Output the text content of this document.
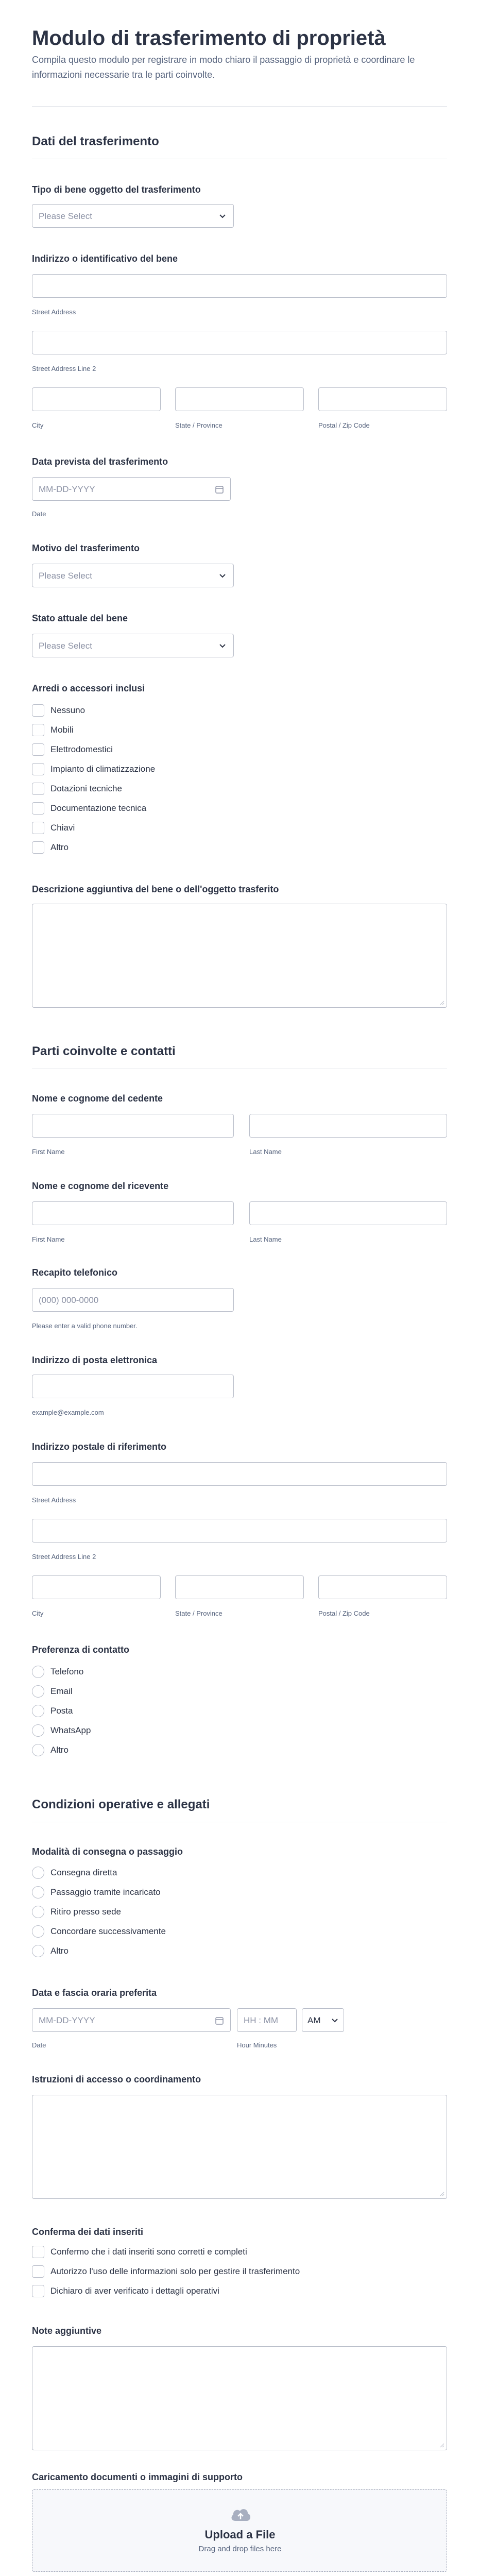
Modulo di trasferimento di proprietà

Compila questo modulo per registrare in modo chiaro il passaggio di proprietà e coordinare le informazioni necessarie tra le parti coinvolte.

Dati del trasferimento
Tipo di bene oggetto del trasferimento
Please Select
Indirizzo o identificativo del bene
Street Address
Street Address Line 2
City	State / Province	Postal / Zip Code
Data prevista del trasferimento
MM-DD-YYYY
Date
Motivo del trasferimento
Please Select
Stato attuale del bene
Please Select
Arredi o accessori inclusi
Nessuno
Mobili
Elettrodomestici
Impianto di climatizzazione
Dotazioni tecniche
Documentazione tecnica
Chiavi
Altro
Descrizione aggiuntiva del bene o dell'oggetto trasferito
Parti coinvolte e contatti
Nome e cognome del cedente
First Name	Last Name
Nome e cognome del ricevente
First Name	Last Name
Recapito telefonico
(000) 000-0000
Please enter a valid phone number.
Indirizzo di posta elettronica
example@example.com
Indirizzo postale di riferimento
Street Address
Street Address Line 2
City	State / Province	Postal / Zip Code
Preferenza di contatto
Telefono
Email
Posta
WhatsApp
Altro
Condizioni operative e allegati
Modalità di consegna o passaggio
Consegna diretta
Passaggio tramite incaricato
Ritiro presso sede
Concordare successivamente
Altro
Data e fascia oraria preferita
MM-DD-YYYY	HH : MM	AM
Date	Hour Minutes
Istruzioni di accesso o coordinamento
Conferma dei dati inseriti
Confermo che i dati inseriti sono corretti e completi
Autorizzo l'uso delle informazioni solo per gestire il trasferimento
Dichiaro di aver verificato i dettagli operativi
Note aggiuntive
Caricamento documenti o immagini di supporto
Upload a File
Drag and drop files here
